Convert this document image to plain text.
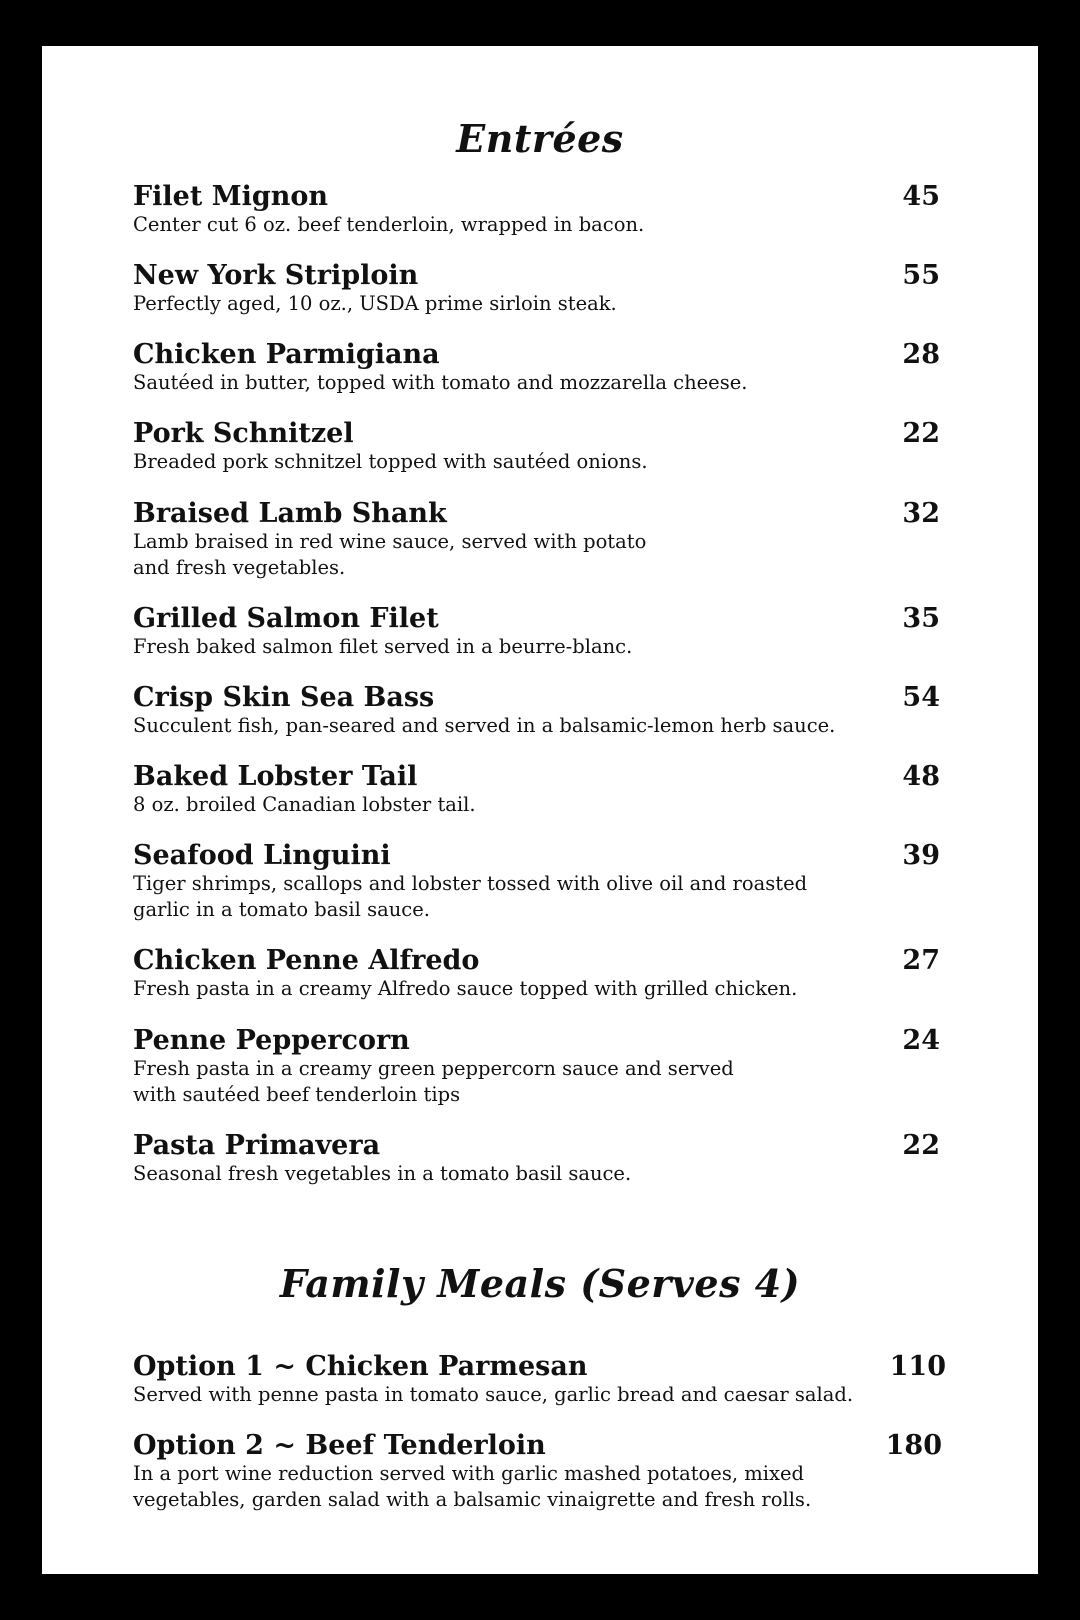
Entrées
Filet Mignon
Center cut 6 oz. beef tenderloin, wrapped in bacon.
45
New York Striploin
Perfectly aged, 10 oz., USDA prime sirloin steak.
55
Chicken Parmigiana
Sautéed in butter, topped with tomato and mozzarella cheese.
28
Pork Schnitzel
Breaded pork schnitzel topped with sautéed onions.
22
Braised Lamb Shank
Lamb braised in red wine sauce, served with potato
and fresh vegetables.
32
Grilled Salmon Filet
Fresh baked salmon filet served in a beurre-blanc.
35
Crisp Skin Sea Bass
Succulent fish, pan-seared and served in a balsamic-lemon herb sauce.
54
Baked Lobster Tail
8 oz. broiled Canadian lobster tail.
48
Seafood Linguini
Tiger shrimps, scallops and lobster tossed with olive oil and roasted
garlic in a tomato basil sauce.
39
Chicken Penne Alfredo
Fresh pasta in a creamy Alfredo sauce topped with grilled chicken.
27
Penne Peppercorn
Fresh pasta in a creamy green peppercorn sauce and served
with sautéed beef tenderloin tips
24
Pasta Primavera
Seasonal fresh vegetables in a tomato basil sauce.
22
Family Meals (Serves 4)
Option 1 ~ Chicken Parmesan
Served with penne pasta in tomato sauce, garlic bread and caesar salad.
110
Option 2 ~ Beef Tenderloin
In a port wine reduction served with garlic mashed potatoes, mixed
vegetables, garden salad with a balsamic vinaigrette and fresh rolls.
180
